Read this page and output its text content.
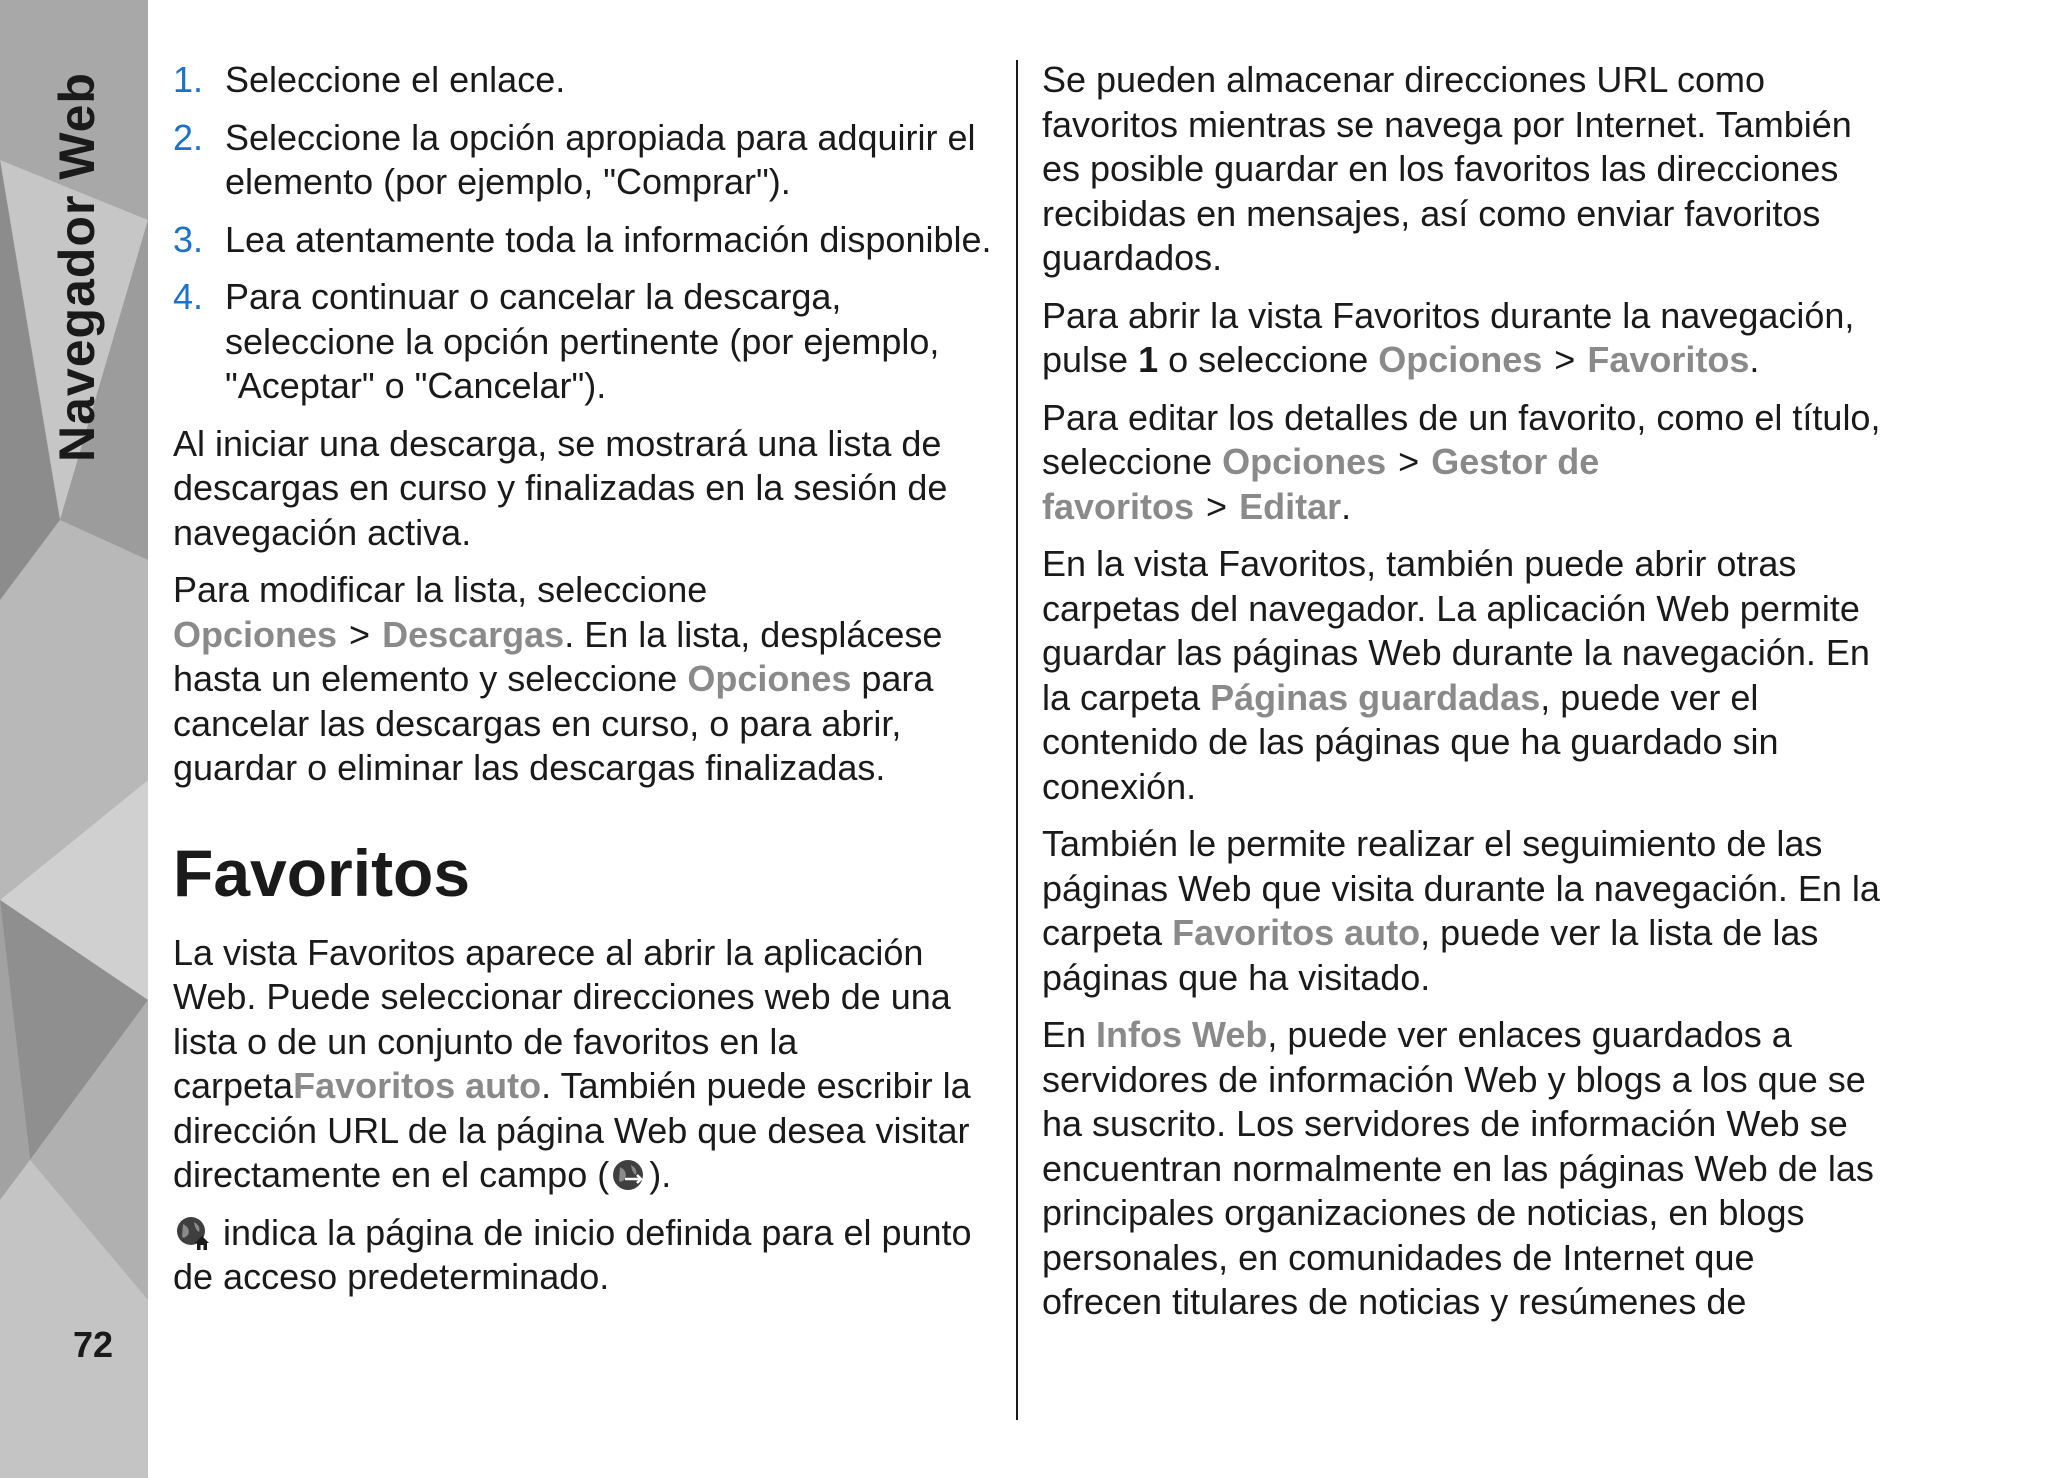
Navegador Web
72
1. Seleccione el enlace.
2. Seleccione la opción apropiada para adquirir el elemento (por ejemplo, "Comprar").
3. Lea atentamente toda la información disponible.
4. Para continuar o cancelar la descarga, seleccione la opción pertinente (por ejemplo, "Aceptar" o "Cancelar").

Al iniciar una descarga, se mostrará una lista de descargas en curso y finalizadas en la sesión de navegación activa.

Para modificar la lista, seleccione Opciones > Descargas. En la lista, desplácese hasta un elemento y seleccione Opciones para cancelar las descargas en curso, o para abrir, guardar o eliminar las descargas finalizadas.

Favoritos

La vista Favoritos aparece al abrir la aplicación Web. Puede seleccionar direcciones web de una lista o de un conjunto de favoritos en la carpetaFavoritos auto. También puede escribir la dirección URL de la página Web que desea visitar directamente en el campo ( ).

indica la página de inicio definida para el punto de acceso predeterminado.

Se pueden almacenar direcciones URL como favoritos mientras se navega por Internet. También es posible guardar en los favoritos las direcciones recibidas en mensajes, así como enviar favoritos guardados.

Para abrir la vista Favoritos durante la navegación, pulse 1 o seleccione Opciones > Favoritos.

Para editar los detalles de un favorito, como el título, seleccione Opciones > Gestor de favoritos > Editar.

En la vista Favoritos, también puede abrir otras carpetas del navegador. La aplicación Web permite guardar las páginas Web durante la navegación. En la carpeta Páginas guardadas, puede ver el contenido de las páginas que ha guardado sin conexión.

También le permite realizar el seguimiento de las páginas Web que visita durante la navegación. En la carpeta Favoritos auto, puede ver la lista de las páginas que ha visitado.

En Infos Web, puede ver enlaces guardados a servidores de información Web y blogs a los que se ha suscrito. Los servidores de información Web se encuentran normalmente en las páginas Web de las principales organizaciones de noticias, en blogs personales, en comunidades de Internet que ofrecen titulares de noticias y resúmenes de
